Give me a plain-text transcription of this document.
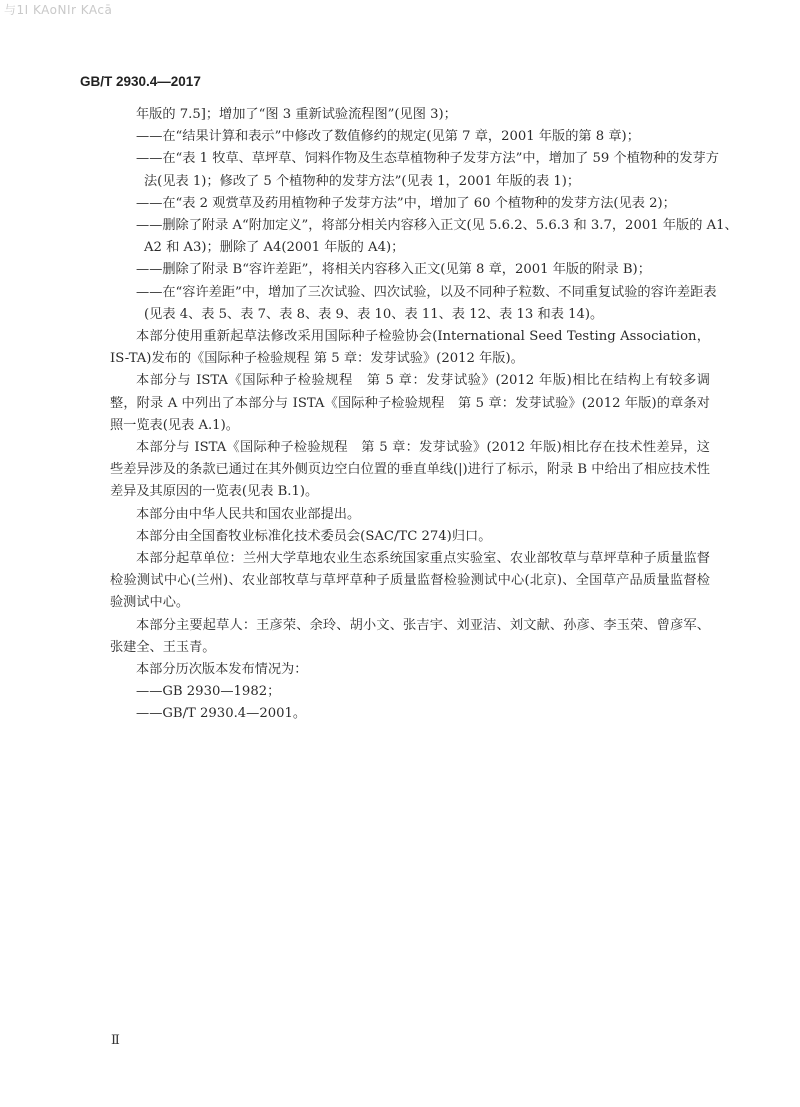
与1I KAoNIr KAcā
GB/T 2930.4—2017

年版的 7.5]；增加了“图 3 重新试验流程图”(见图 3)；

——在“结果计算和表示”中修改了数值修约的规定(见第 7 章，2001 年版的第 8 章)；

——在“表 1 牧草、草坪草、饲料作物及生态草植物种子发芽方法”中，增加了 59 个植物种的发芽方

法(见表 1)；修改了 5 个植物种的发芽方法”(见表 1，2001 年版的表 1)；

——在“表 2 观赏草及药用植物种子发芽方法”中，增加了 60 个植物种的发芽方法(见表 2)；

——删除了附录 A“附加定义”，将部分相关内容移入正文(见 5.6.2、5.6.3 和 3.7，2001 年版的 A1、

A2 和 A3)；删除了 A4(2001 年版的 A4)；

——删除了附录 B“容许差距”，将相关内容移入正文(见第 8 章，2001 年版的附录 B)；

——在“容许差距”中，增加了三次试验、四次试验，以及不同种子粒数、不同重复试验的容许差距表

(见表 4、表 5、表 7、表 8、表 9、表 10、表 11、表 12、表 13 和表 14)。

本部分使用重新起草法修改采用国际种子检验协会(International Seed Testing Association，IS-TA)发布的《国际种子检验规程 第 5 章：发芽试验》(2012 年版)。

本部分与 ISTA《国际种子检验规程　第 5 章：发芽试验》(2012 年版)相比在结构上有较多调整，附录 A 中列出了本部分与 ISTA《国际种子检验规程　第 5 章：发芽试验》(2012 年版)的章条对照一览表(见表 A.1)。

本部分与 ISTA《国际种子检验规程　第 5 章：发芽试验》(2012 年版)相比存在技术性差异，这些差异涉及的条款已通过在其外侧页边空白位置的垂直单线(|)进行了标示，附录 B 中给出了相应技术性差异及其原因的一览表(见表 B.1)。

本部分由中华人民共和国农业部提出。

本部分由全国畜牧业标准化技术委员会(SAC/TC 274)归口。

本部分起草单位：兰州大学草地农业生态系统国家重点实验室、农业部牧草与草坪草种子质量监督检验测试中心(兰州)、农业部牧草与草坪草种子质量监督检验测试中心(北京)、全国草产品质量监督检验测试中心。

本部分主要起草人：王彦荣、余玲、胡小文、张吉宇、刘亚洁、刘文献、孙彦、李玉荣、曾彦军、张建全、王玉青。

本部分历次版本发布情况为：

——GB 2930—1982；

——GB/T 2930.4—2001。

Ⅱ
